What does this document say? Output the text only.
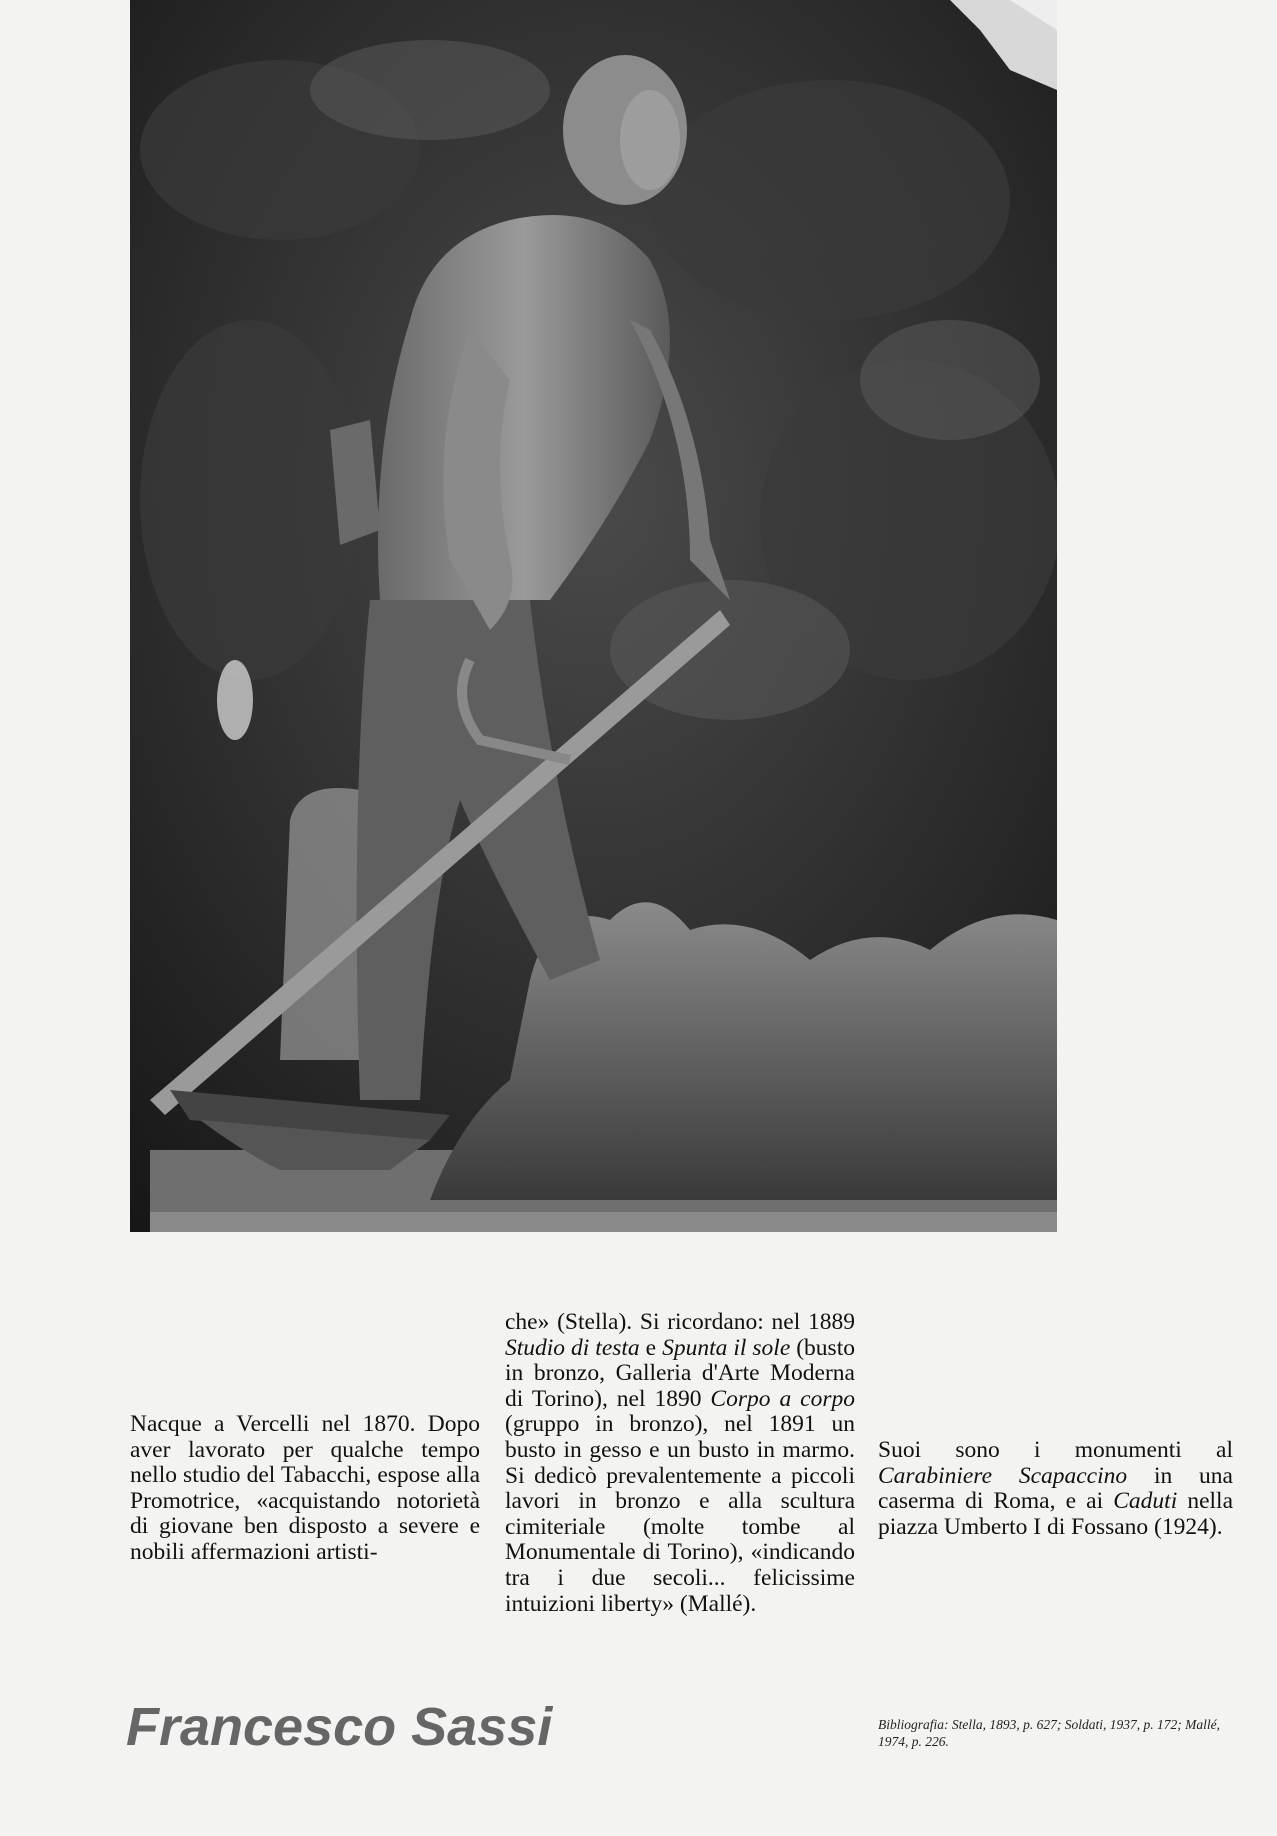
Nacque a Vercelli nel 1870. Dopo aver lavorato per qualche tempo nello studio del Tabacchi, espose alla Promotrice, «acquistando notorietà di giovane ben disposto a severe e nobili affermazioni artisti-
che» (Stella). Si ricordano: nel 1889 Studio di testa e Spunta il sole (busto in bronzo, Galleria d'Arte Moderna di Torino), nel 1890 Corpo a corpo (gruppo in bronzo), nel 1891 un busto in gesso e un busto in marmo. Si dedicò prevalentemente a piccoli lavori in bronzo e alla scultura cimiteriale (molte tombe al Monumentale di Torino), «indicando tra i due secoli... felicissime intuizioni liberty» (Mallé).
Suoi sono i monumenti al Carabiniere Scapaccino in una caserma di Roma, e ai Caduti nella piazza Umberto I di Fossano (1924).
Francesco Sassi	Bibliografia: Stella, 1893, p. 627; Soldati, 1937, p. 172; Mallé, 1974, p. 226.
